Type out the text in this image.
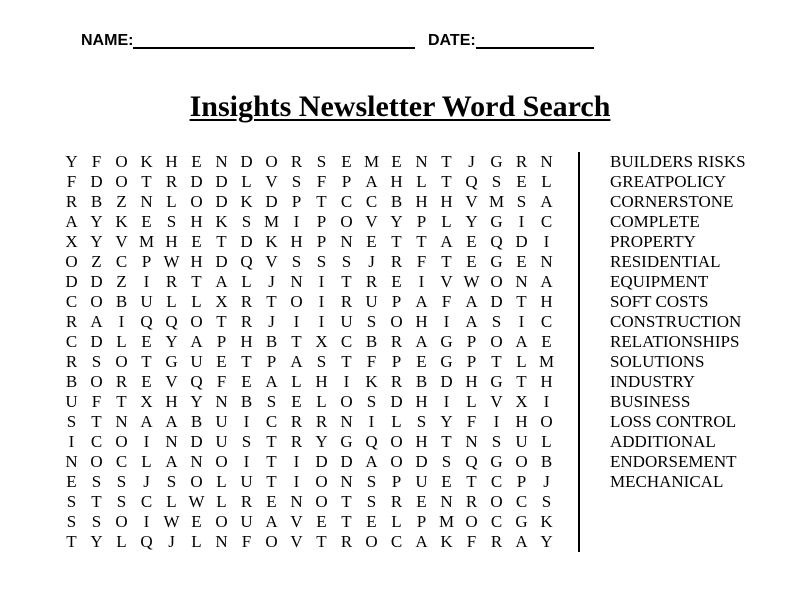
NAME:	DATE:
Insights Newsletter Word Search
Y F O K H E N D O R S E M E N T J G R N
F D O T R D D L V S F P A H L T Q S E L
R B Z N L O D K D P T C C B H H V M S A
A Y K E S H K S M I	P O V Y P L Y G I C
X Y V M H E T D K H P N E T T A E Q D I
O Z C P W H D Q V S S S J R F T E G E N
D D Z I R T A L J N I T R E I V W O N A
C O B U L L X R T O I R U P A F A D T H
R A I Q Q O T R J	I	I U S O H I A S	I C
C D L E Y A P H B T X C B R A G P O A E
R S O T G U E T P A S T F P E G P T L M
B O R E V Q F E A L H I K R B D H G T H
U F T X H Y N B S E L O S D H I L V X I
S T N A A B U I C R R N I L S Y F	I H O
I C O I N D U S T R Y G Q O H T N S U L
N O C L A N O I T I D D A O D S Q G O B
E S S J S O L U T I O N S P U E T C P J
S T S C L W L R E N O T S R E N R O C S
S S O I W E O U A V E T E L P M O C G K
T Y L Q J L N F O V T R O C A K F R A Y
BUILDERS RISKS
GREATPOLICY
CORNERSTONE
COMPLETE
PROPERTY
RESIDENTIAL
EQUIPMENT
SOFT COSTS
CONSTRUCTION
RELATIONSHIPS
SOLUTIONS
INDUSTRY
BUSINESS
LOSS CONTROL
ADDITIONAL
ENDORSEMENT
MECHANICAL
